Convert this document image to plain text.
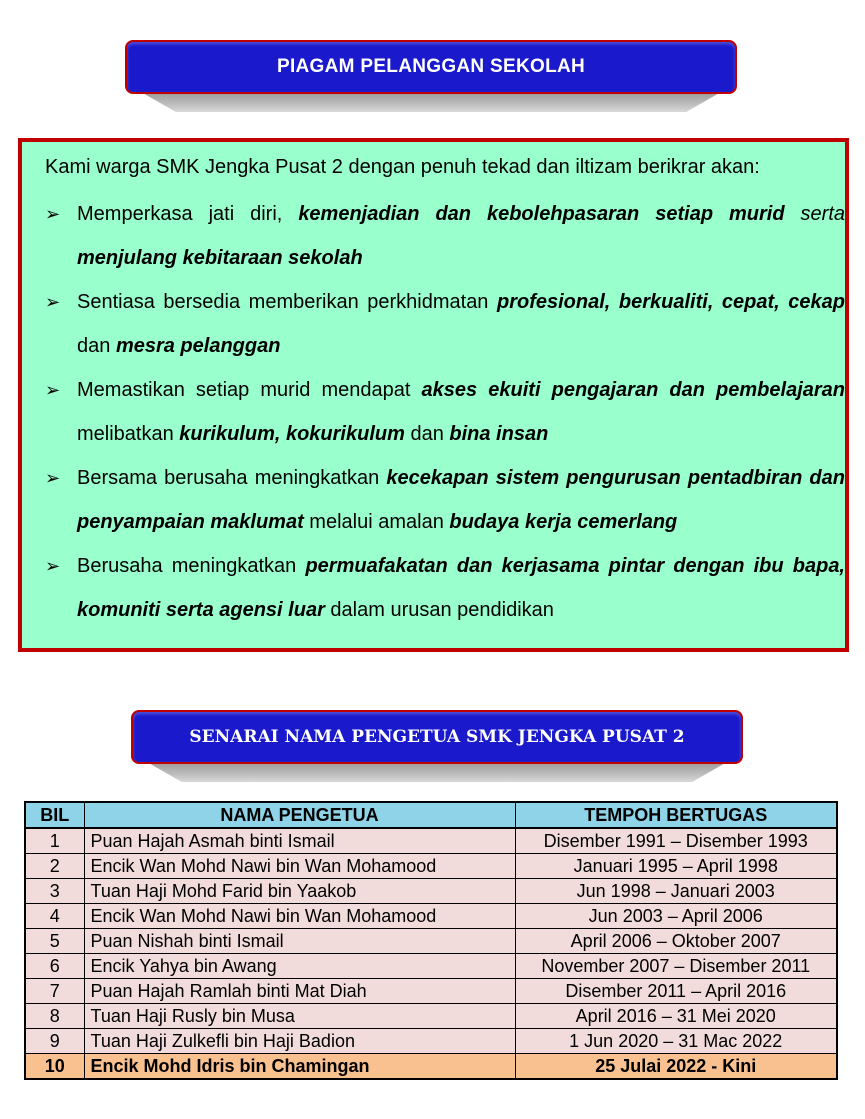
PIAGAM PELANGGAN SEKOLAH
Kami warga SMK Jengka Pusat 2 dengan penuh tekad dan iltizam berikrar akan:
➢ Memperkasa jati diri, kemenjadian dan kebolehpasaran setiap murid serta menjulang kebitaraan sekolah
➢ Sentiasa bersedia memberikan perkhidmatan profesional, berkualiti, cepat, cekap dan mesra pelanggan
➢ Memastikan setiap murid mendapat akses ekuiti pengajaran dan pembelajaran melibatkan kurikulum, kokurikulum dan bina insan
➢ Bersama berusaha meningkatkan kecekapan sistem pengurusan pentadbiran dan penyampaian maklumat melalui amalan budaya kerja cemerlang
➢ Berusaha meningkatkan permuafakatan dan kerjasama pintar dengan ibu bapa, komuniti serta agensi luar dalam urusan pendidikan
SENARAI NAMA PENGETUA SMK JENGKA PUSAT 2
BIL	NAMA PENGETUA	TEMPOH BERTUGAS
1	Puan Hajah Asmah binti Ismail	Disember 1991 – Disember 1993
2	Encik Wan Mohd Nawi bin Wan Mohamood	Januari 1995 – April 1998
3	Tuan Haji Mohd Farid bin Yaakob	Jun 1998 – Januari 2003
4	Encik Wan Mohd Nawi bin Wan Mohamood	Jun 2003 – April 2006
5	Puan Nishah binti Ismail	April 2006 – Oktober 2007
6	Encik Yahya bin Awang	November 2007 – Disember 2011
7	Puan Hajah Ramlah binti Mat Diah	Disember 2011 – April 2016
8	Tuan Haji Rusly bin Musa	April 2016 – 31 Mei 2020
9	Tuan Haji Zulkefli bin Haji Badion	1 Jun 2020 – 31 Mac 2022
10	Encik Mohd Idris bin Chamingan	25 Julai 2022 - Kini
